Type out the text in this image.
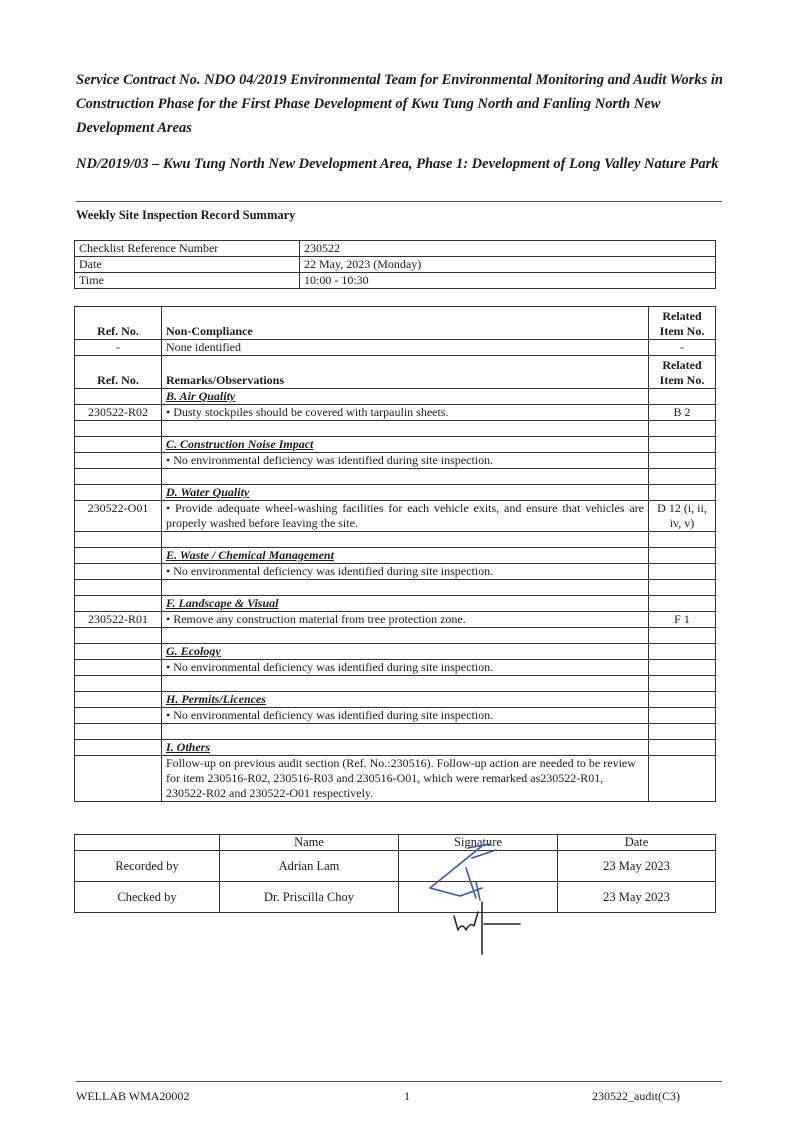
Service Contract No. NDO 04/2019 Environmental Team for Environmental Monitoring and Audit Works in Construction Phase for the First Phase Development of Kwu Tung North and Fanling North New Development Areas
ND/2019/03 – Kwu Tung North New Development Area, Phase 1: Development of Long Valley Nature Park
Weekly Site Inspection Record Summary
Checklist Reference Number	230522
Date	22 May, 2023 (Monday)
Time	10:00 - 10:30
Ref. No.	Non-Compliance	Related Item No.
-	None identified	-
Ref. No.	Remarks/Observations	Related Item No.
	B. Air Quality	
230522-R02	• Dusty stockpiles should be covered with tarpaulin sheets.	B 2

	C. Construction Noise Impact	
	• No environmental deficiency was identified during site inspection.	

	D. Water Quality	
230522-O01	• Provide adequate wheel-washing facilities for each vehicle exits, and ensure that vehicles are properly washed before leaving the site.	D 12 (i, ii, iv, v)

	E. Waste / Chemical Management	
	• No environmental deficiency was identified during site inspection.	

	F. Landscape & Visual	
230522-R01	• Remove any construction material from tree protection zone.	F 1

	G. Ecology	
	• No environmental deficiency was identified during site inspection.	

	H. Permits/Licences	
	• No environmental deficiency was identified during site inspection.	

	I. Others	
	Follow-up on previous audit section (Ref. No.:230516). Follow-up action are needed to be review for item 230516-R02, 230516-R03 and 230516-O01, which were remarked as230522-R01, 230522-R02 and 230522-O01 respectively.	
	Name	Signature	Date
Recorded by	Adrian Lam		23 May 2023
Checked by	Dr. Priscilla Choy		23 May 2023
WELLAB WMA20002	1	230522_audit(C3)
